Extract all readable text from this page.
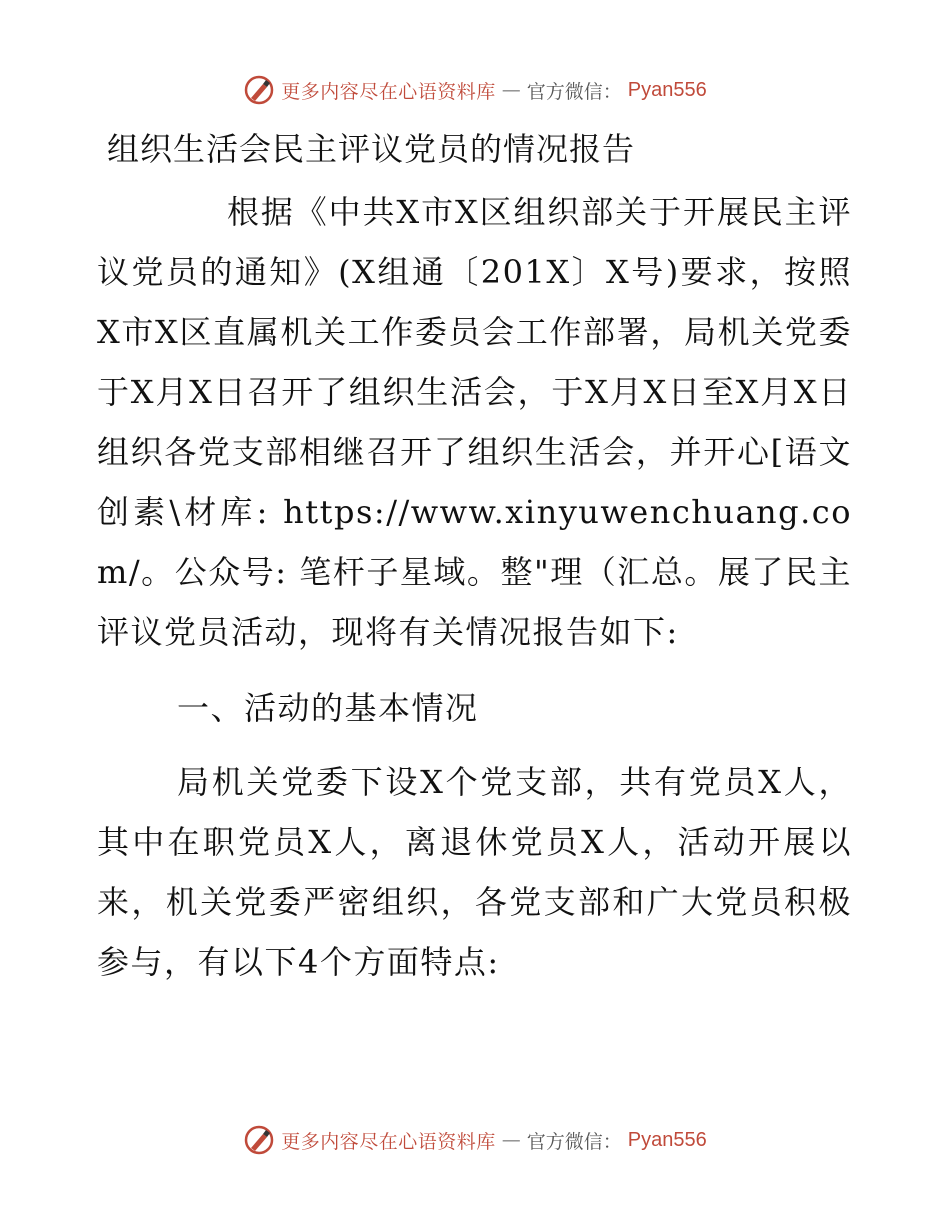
更多内容尽在心语资料库 — 官方微信： Pyan556
组织生活会民主评议党员的情况报告

根据《中共X市X区组织部关于开展民主评议党员的通知》(X组通〔201X〕X号)要求，按照X市X区直属机关工作委员会工作部署，局机关党委于X月X日召开了组织生活会，于X月X日至X月X日组织各党支部相继召开了组织生活会，并开心[语文创素\材库: https://www.xinyuwenchuang.com/。公众号: 笔杆子星域。整"理（汇总。展了民主评议党员活动，现将有关情况报告如下:

一、活动的基本情况

局机关党委下设X个党支部，共有党员X人，其中在职党员X人，离退休党员X人，活动开展以来，机关党委严密组织，各党支部和广大党员积极参与，有以下4个方面特点:

更多内容尽在心语资料库 — 官方微信： Pyan556
